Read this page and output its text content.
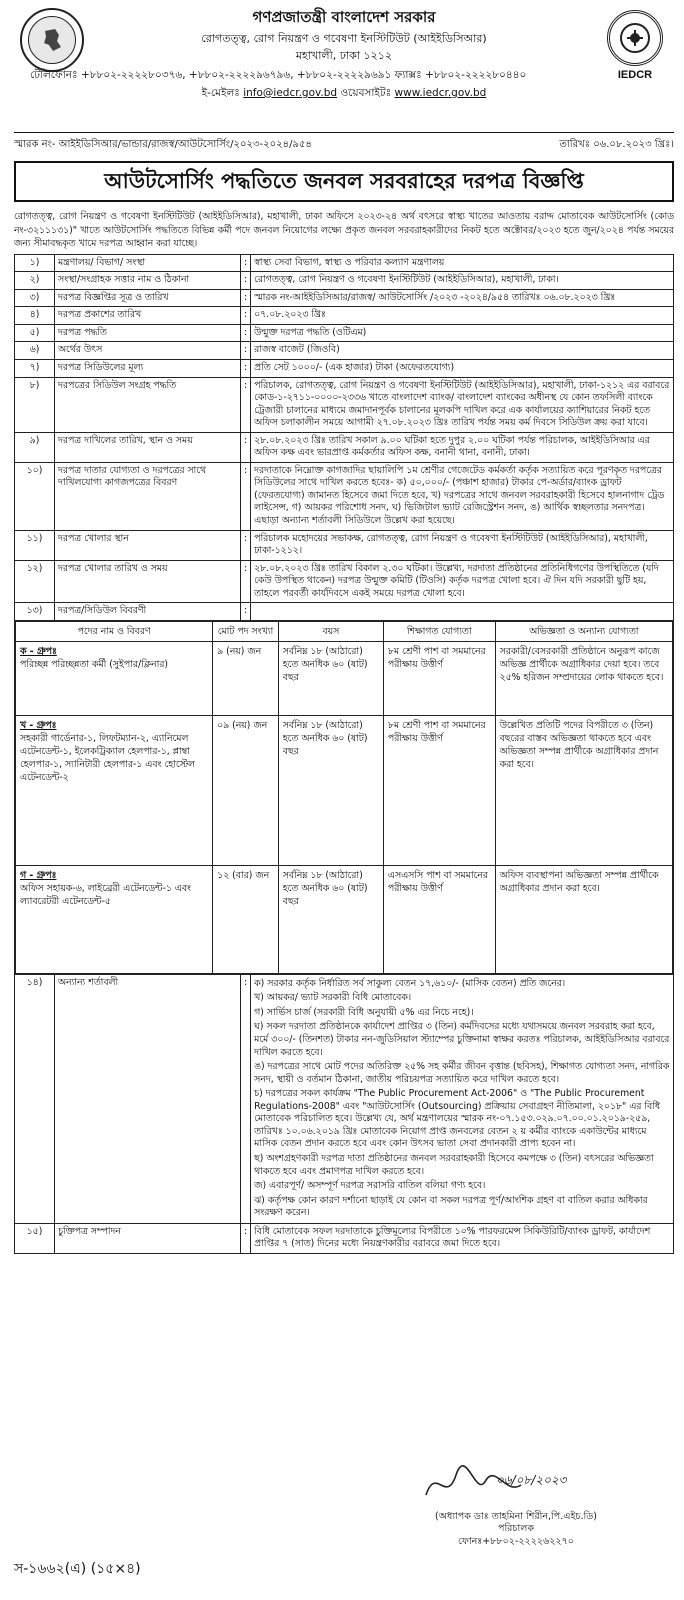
IEDCR
গণপ্রজাতন্ত্রী বাংলাদেশ সরকার
রোগতত্ত্ব, রোগ নিয়ন্ত্রণ ও গবেষণা ইনস্টিটিউট (আইইডিসিআর)
মহাখালী, ঢাকা ১২১২
টেলিফোনঃ +৮৮০২-২২২২৮০৩৭৬, +৮৮০২-২২২২৯৬৭৯৬, +৮৮০২-২২২২৯৬৯১ ফ্যাক্সঃ +৮৮০২-২২২২৮০৪৪০
ই-মেইলঃ info@iedcr.gov.bd ওয়েবসাইটঃ www.iedcr.gov.bd
স্মারক নং- আইইডিসিআর/ভান্ডার/রাজস্ব/আউটসোর্সিং/২০২৩-২০২৪/৯৫৪	তারিখঃ ০৬.০৮.২০২৩ খ্রিঃ।
আউটসোর্সিং পদ্ধতিতে জনবল সরবরাহের দরপত্র বিজ্ঞপ্তি
রোগতত্ত্ব, রোগ নিয়ন্ত্রণ ও গবেষণা ইনস্টিটিউট (আইইডিসিআর), মহাখালী, ঢাকা অফিসে ২০২৩-২৪ অর্থ বৎসরে স্বাস্থ্য খাতের আওতায় বরাদ্দ মোতাবেক আউটসোর্সিং (কোড নং-৩২১১১৩১)" খাতে আউটসোর্সিং পদ্ধতিতে বিভিন্ন কর্মী পদে জনবল নিয়োগের লক্ষ্যে প্রকৃত জনবল সরবরাহকারীদের নিকট হতে অক্টোবর/২০২৩ হতে জুন/২০২৪ পর্যন্ত সময়ের জন্য সীমাবদ্ধকৃত খামে দরপত্র আহ্বান করা যাচ্ছে।
১)	মন্ত্রণালয়/ বিভাগ/ সংস্থা	:	স্বাস্থ্য সেবা বিভাগ, স্বাস্থ্য ও পরিবার কল্যাণ মন্ত্রণালয়
২)	সংস্থা/সংগ্রাহক সত্তার নাম ও ঠিকানা	:	রোগতত্ত্ব, রোগ নিয়ন্ত্রণ ও গবেষণা ইনস্টিটিউট (আইইডিসিআর), মহাখালী, ঢাকা।
৩)	দরপত্র বিজ্ঞপ্তির সূত্র ও তারিখ	:	স্মারক নং-আইইডিসিআর/রাজস্ব/ আউটসোর্সিং /২০২৩ -২০২৪/৯৫৪ তারিখঃ ০৬.০৮.২০২৩ খ্রিঃ
৪)	দরপত্র প্রকাশের তারিখ	:	০৭.০৮.২০২৩ খ্রিঃ
৫)	দরপত্র পদ্ধতি	:	উন্মুক্ত দরপত্র পদ্ধতি (ওটিএম)
৬)	অর্থের উৎস	:	রাজস্ব বাজেট (জিওবি)
৭)	দরপত্র সিডিউলের মূল্য	:	প্রতি সেট ১০০০/- (এক হাজার) টাকা (অফেরতযোগ্য)
৮)	দরপত্রের সিডিউল সংগ্রহ পদ্ধতি	:	পরিচালক, রোগতত্ত্ব, রোগ নিয়ন্ত্রণ ও গবেষণা ইনস্টিটিউট (আইইডিসিআর), মহাখালী, ঢাকা-১২১২ এর বরাবরে কোড-১-২৭১১-০০০০-২৩৩৬ খাতে বাংলাদেশ ব্যাংক/ বাংলাদেশ ব্যাংকের অধীনস্থ যে কোন তফসিলী ব্যাংকে ট্রেজারী চালানের মাধ্যমে জমাদানপূর্বক চালানের মূলকপি দাখিল করে এক কার্যালয়ের ক্যাশিয়ারের নিকট হতে অফিস চলাকালীন সময়ে আগামী ২৭.০৮.২০২৩ খ্রিঃ তারিখ পর্যন্ত সময় কর্ম দিবসে সিডিউল ক্রয় করা যাবে।
৯)	দরপত্র দাখিলের তারিখ, স্থান ও সময়	:	২৮.০৮.২০২৩ খ্রিঃ তারিখ সকাল ৯.০০ ঘটিকা হতে দুপুর ২.০০ ঘটিকা পর্যন্ত পরিচালক, আইইডিসিআর এর অফিস কক্ষ এবং ভারপ্রাপ্ত কর্মকর্তার অফিস কক্ষ, বনানী থানা, বনানী, ঢাকা।
১০)	দরপত্র দাতার যোগ্যতা ও দরপত্রের সাথে দাখিলযোগ্য কাগজপত্রের বিবরণ	:	দরদাতাকে নিম্নোক্ত কাগজাদির ছায়ালিপি ১ম শ্রেণীর গেজেটেড কর্মকর্তা কর্তৃক সত্যায়িত করে পূরণকৃত দরপত্রের সিডিউলের সাথে দাখিল করতে হবেঃ- ক) ৫০,০০০/- (পঞ্চাশ হাজার) টাকার পে-অর্ডার/ব্যাংক ড্রাফট (ফেরতযোগ্য) জামানত হিসেবে জমা দিতে হবে, খ) দরপত্রের সাথে জনবল সরবরাহকারী হিসেবে হালনাগাদ ট্রেড লাইসেন্স, গ) আয়কর পরিশোধ সনদ, ঘ) ভিজিটাল ভ্যাট রেজিস্ট্রেশন সনদ, ঙ) আর্থিক স্বচ্ছলতার সনদপত্র। এছাড়া অন্যান্য শর্তাবলী সিডিউলে উল্লেখ করা হয়েছে।
১১)	দরপত্র খোলার স্থান	:	পরিচালক মহোদয়ের সভাকক্ষ, রোগতত্ত্ব, রোগ নিয়ন্ত্রণ ও গবেষণা ইনস্টিটিউট (আইইডিসিআর), মহাখালী, ঢাকা-১২১২।
১২)	দরপত্র খোলার তারিখ ও সময়	:	২৮.০৮.২০২৩ খ্রিঃ তারিখ বিকাল ২.৩০ ঘটিকা। উল্লেখ্য, দরদাতা প্রতিষ্ঠানের প্রতিনিধিগণের উপস্থিতিতে (যদি কেউ উপস্থিত থাকেন) দরপত্র উন্মুক্ত কমিটি (টিওসি) কর্তৃক দরপত্র খোলা হবে। ঐ দিন যদি সরকারী ছুটি হয়, তাহলে পরবর্তী কার্যদিবসে একই সময়ে দরপত্র খোলা হবে।
১৩)	দরপত্র/সিডিউল বিবরণী	:	

পদের নাম ও বিবরণ	মোট পদ সংখ্যা	বয়স	শিক্ষাগত যোগ্যতা	অভিজ্ঞতা ও অন্যান্য যোগ্যতা

ক - গ্রুপঃ
পরিচ্ছন্ন পরিচ্ছন্নতা কর্মী (সুইপার/ক্লিনার)
	৯ (নয়) জন	সর্বনিম্ন ১৮ (আঠারো) হতে অনধিক ৬০ (ষাট) বছর	৮ম শ্রেণী পাশ বা সমমানের পরীক্ষায় উত্তীর্ণ	সরকারী/বেসরকারী প্রতিষ্ঠানে অনুরূপ কাজে অভিজ্ঞ প্রার্থীকে অগ্রাধিকার দেয়া হবে। তবে ২৫% হরিজন সম্প্রদায়ের লোক থাকতে হবে।

খ - গ্রুপঃ
সহকারী গার্ডেনার-১, লিফটম্যান-২, এ্যানিমেল এটেনডেন্ট-১, ইলেকট্রিক্যাল হেলপার-১, প্লাম্বা হেলপার-১, স্যানিটারী হেলপার-১ এবং হোস্টেল এটেনডেন্ট-২
	০৯ (নয়) জন	সর্বনিম্ন ১৮ (আঠারো) হতে অনধিক ৬০ (ষাট) বছর	৮ম শ্রেণী পাশ বা সমমানের পরীক্ষায় উত্তীর্ণ	উল্লেখিত প্রতিটি পদের বিপরীতে ৩ (তিন) বছরের বাস্তব অভিজ্ঞতা থাকতে হবে এবং অভিজ্ঞতা সম্পন্ন প্রার্থীকে অগ্রাধিকার প্রদান করা হবে।

গ - গ্রুপঃ
অফিস সহায়ক-৬, লাইব্রেরী এটেনডেন্ট-১ এবং ল্যাবরেটরী এটেনডেন্ট-৫
	১২ (বার) জন	সর্বনিম্ন ১৮ (আঠারো) হতে অনধিক ৬০ (ষাট) বছর	এসএসসি পাশ বা সমমানের পরীক্ষায় উত্তীর্ণ	অফিস ব্যবস্থাপনা অভিজ্ঞতা সম্পন্ন প্রার্থীকে অগ্রাধিকার প্রদান করা হবে।

১৪)	অন্যান্য শর্তাবলী	:	ক) সরকার কর্তৃক নির্ধারিত সর্ব সাকুল্য বেতন ১৭,৬১০/- (মাসিক বেতন) প্রতি জনের।
খ) আয়কর/ ভ্যাট সরকারী বিধি মোতাবেক।
গ) সার্ভিস চার্জ (সরকারী বিধি অনুযায়ী ৫% এর নিচে নহে)।
ঘ) সকল দরদাতা প্রতিষ্ঠানকে কার্যাদেশ প্রাপ্তির ৩ (তিন) কর্মদিবসের মধ্যে যথাসময়ে জনবল সরবরাহ করা হবে, মর্মে ৩০০/- (তিনশত) টাকার নন-জুডিসিয়াল স্ট্যাম্পের চুক্তিনামা স্বাক্ষর করতঃ পরিচালক, আইইডিসিআর বরাবরে দাখিল করতে হবে।
ঙ) দরপত্রের সাথে মোট পদের অতিরিক্ত ২৫% সহ কর্মীর জীবন বৃত্তান্ত (ছবিসহ), শিক্ষাগত যোগ্যতা সনদ, নাগরিক সনদ, স্থায়ী ও বর্তমান ঠিকানা, জাতীয় পরিচয়পত্র সত্যায়িত করে দাখিল করতে হবে।
চ) দরপত্রের সকল কার্যক্রম "The Public Procurement Act-2006" ও "The Public Procurement Regulations-2008" এবং "আউটসোর্সিং (Outsourcing) প্রক্রিয়ায় সেবাগ্রহণ নীতিমালা, ২০১৮" এর বিধি মোতাবেক পরিচালিত হবে। উল্লেখ্য যে, অর্থ মন্ত্রণালয়ের স্মারক নং-০৭.১৫৩.০২৯.০৭.০০.০১.২০১৯-২৫৯, তারিখঃ ১০.০৬.২০১৯ খ্রিঃ মোতাবেক নিয়োগ প্রাপ্ত জনবলের বেতন ২ য় কর্মীর ব্যাংকে একাউন্টের মাধ্যমে মাসিক বেতন প্রদান করতে হবে এবং কোন উৎসব ভাতা সেবা প্রদানকারী প্রাপ্য হবেন না।
ছ) অংশগ্রহণকারী দরপত্র দাতা প্রতিষ্ঠানের জনবল সরবরাহকারী হিসেবে কমপক্ষে ৩ (তিন) বৎসরের অভিজ্ঞতা থাকতে হবে এবং প্রমাণপত্র দাখিল করতে হবে।
জ) এবারপূর্ণ/ অসম্পূর্ণ দরপত্র সরাসরি বাতিল বলিয়া গণ্য হবে।
ঝ) কর্তৃপক্ষ কোন কারণ দর্শানো ছাড়াই যে কোন বা সকল দরপত্র পূর্ণ/আংশিক গ্রহণ বা বাতিল করার অধিকার সংরক্ষণ করেন।

১৫)	চুক্তিপত্র সম্পাদন	:	বিধি মোতাবেক সফল দরদাতাকে চুক্তিমূল্যের বিপরীতে ১০% পারফরমেন্স সিকিউরিটি/ব্যাংক ড্রাফট, কার্যাদেশ প্রাপ্তির ৭ (সাত) দিনের মধ্যে নিয়ন্ত্রণকারীর বরাবরে জমা দিতে হবে।
০৬/০৮/২০২৩
(অধ্যাপক ডাঃ তাহমিনা শিরীন,পি.এইচ.ডি)
পরিচালক
ফোনঃ+৮৮০২-২২২২৬২২৭০
স-১৬৬২(এ) (১৫×৪)
